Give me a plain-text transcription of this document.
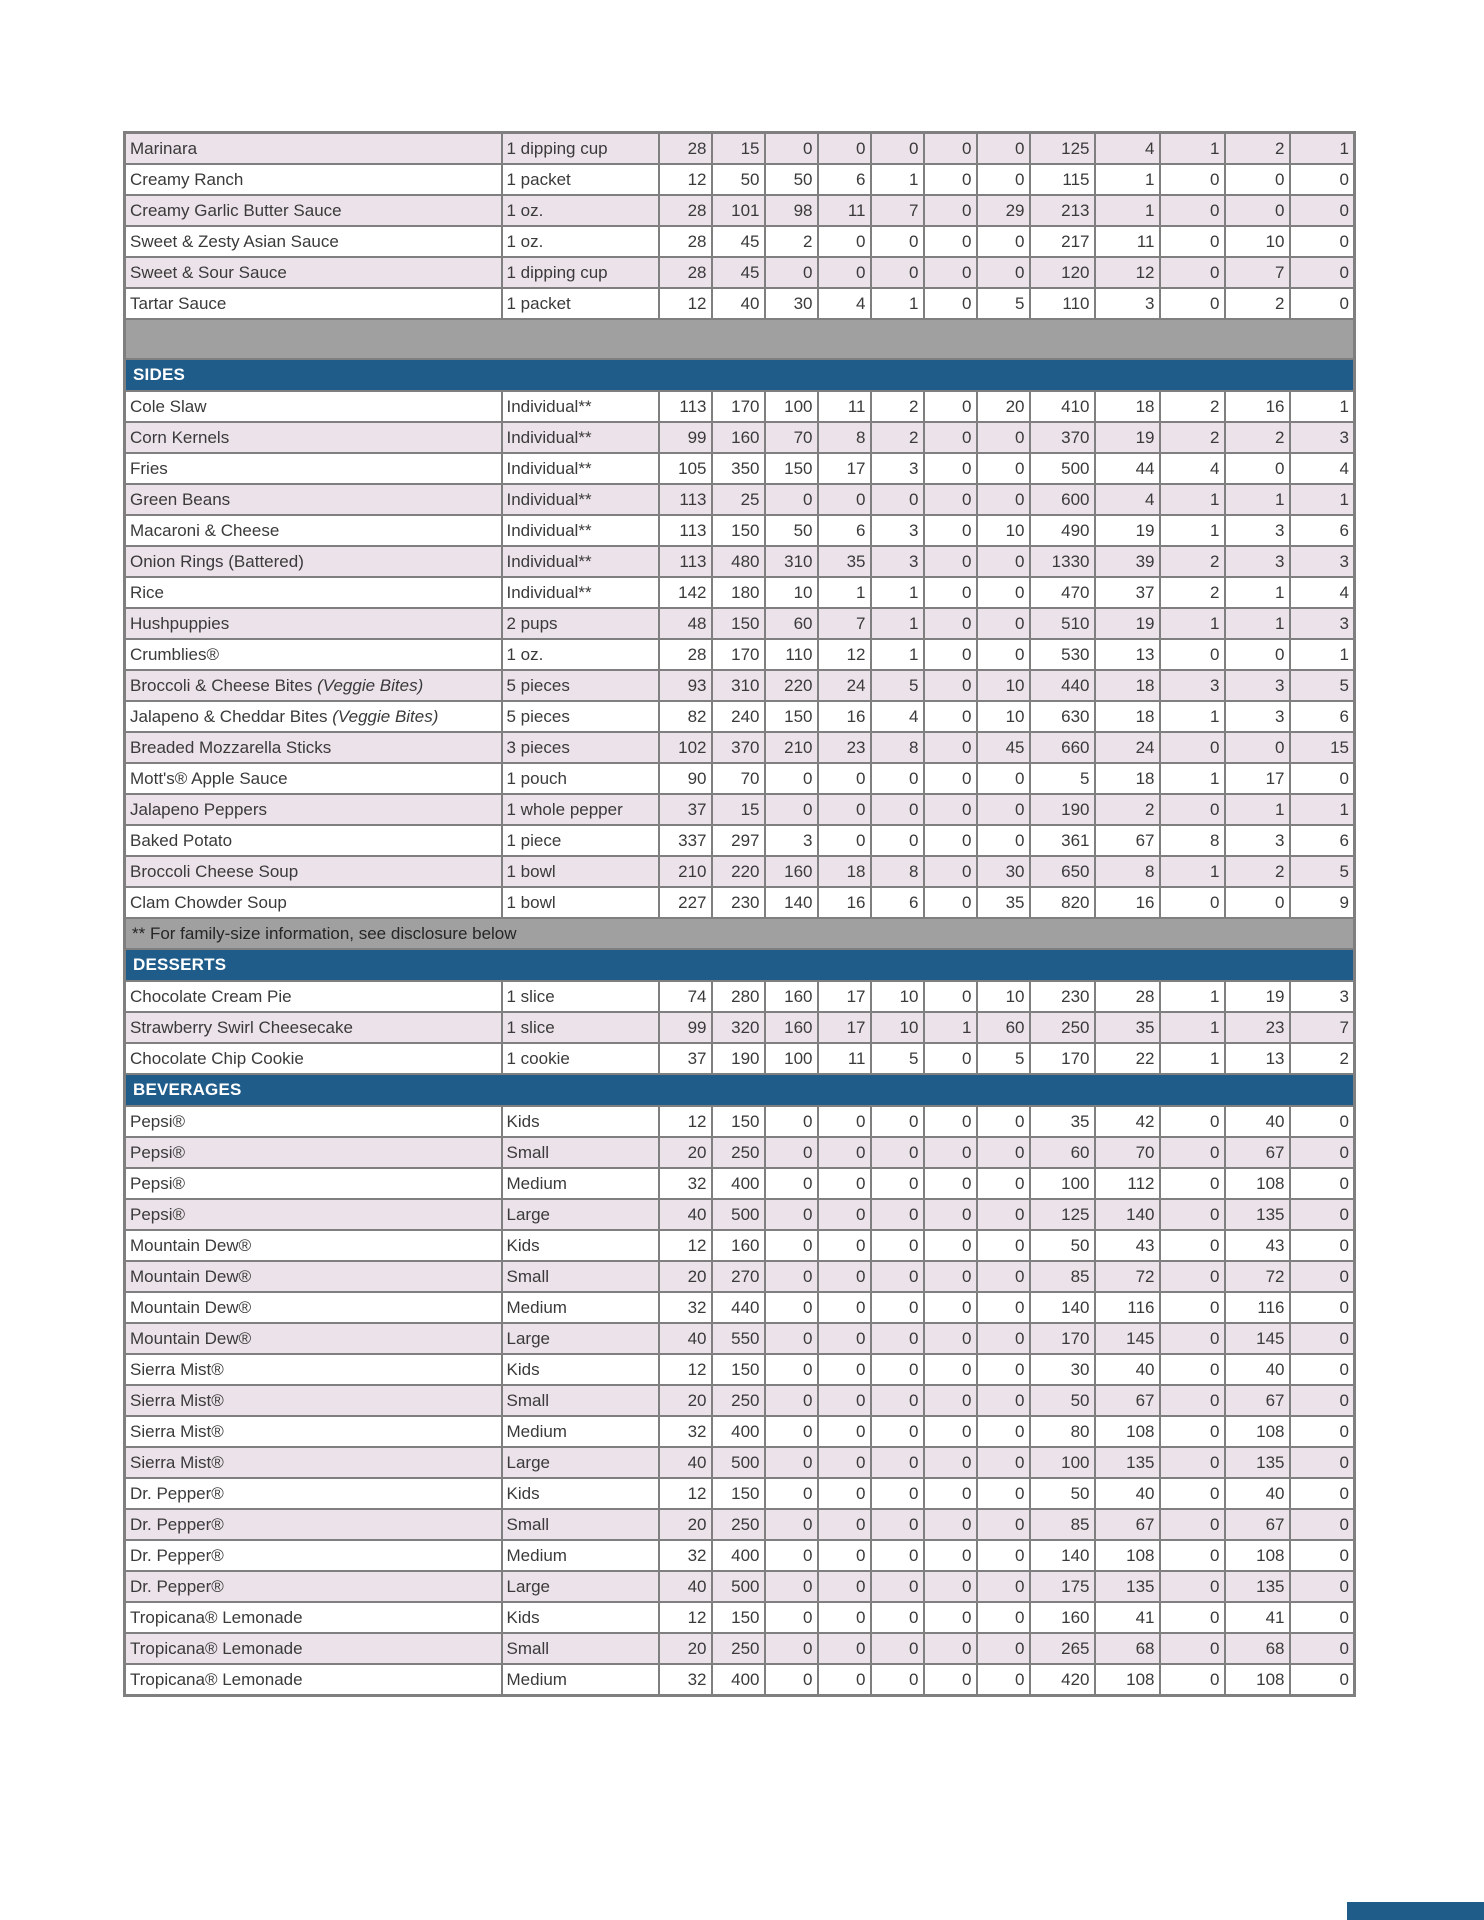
Marinara	1 dipping cup	28	15	0	0	0	0	0	125	4	1	2	1
Creamy Ranch	1 packet	12	50	50	6	1	0	0	115	1	0	0	0
Creamy Garlic Butter Sauce	1 oz.	28	101	98	11	7	0	29	213	1	0	0	0
Sweet & Zesty Asian Sauce	1 oz.	28	45	2	0	0	0	0	217	11	0	10	0
Sweet & Sour Sauce	1 dipping cup	28	45	0	0	0	0	0	120	12	0	7	0
Tartar Sauce	1 packet	12	40	30	4	1	0	5	110	3	0	2	0

SIDES													
Cole Slaw	Individual**	113	170	100	11	2	0	20	410	18	2	16	1
Corn Kernels	Individual**	99	160	70	8	2	0	0	370	19	2	2	3
Fries	Individual**	105	350	150	17	3	0	0	500	44	4	0	4
Green Beans	Individual**	113	25	0	0	0	0	0	600	4	1	1	1
Macaroni & Cheese	Individual**	113	150	50	6	3	0	10	490	19	1	3	6
Onion Rings (Battered)	Individual**	113	480	310	35	3	0	0	1330	39	2	3	3
Rice	Individual**	142	180	10	1	1	0	0	470	37	2	1	4
Hushpuppies	2 pups	48	150	60	7	1	0	0	510	19	1	1	3
Crumblies®	1 oz.	28	170	110	12	1	0	0	530	13	0	0	1
Broccoli & Cheese Bites (Veggie Bites)	5 pieces	93	310	220	24	5	0	10	440	18	3	3	5
Jalapeno & Cheddar Bites (Veggie Bites)	5 pieces	82	240	150	16	4	0	10	630	18	1	3	6
Breaded Mozzarella Sticks	3 pieces	102	370	210	23	8	0	45	660	24	0	0	15
Mott's® Apple Sauce	1 pouch	90	70	0	0	0	0	0	5	18	1	17	0
Jalapeno Peppers	1 whole pepper	37	15	0	0	0	0	0	190	2	0	1	1
Baked Potato	1 piece	337	297	3	0	0	0	0	361	67	8	3	6
Broccoli Cheese Soup	1 bowl	210	220	160	18	8	0	30	650	8	1	2	5
Clam Chowder Soup	1 bowl	227	230	140	16	6	0	35	820	16	0	0	9
** For family-size information, see disclosure below													
DESSERTS													
Chocolate Cream Pie	1 slice	74	280	160	17	10	0	10	230	28	1	19	3
Strawberry Swirl Cheesecake	1 slice	99	320	160	17	10	1	60	250	35	1	23	7
Chocolate Chip Cookie	1 cookie	37	190	100	11	5	0	5	170	22	1	13	2
BEVERAGES													
Pepsi®	Kids	12	150	0	0	0	0	0	35	42	0	40	0
Pepsi®	Small	20	250	0	0	0	0	0	60	70	0	67	0
Pepsi®	Medium	32	400	0	0	0	0	0	100	112	0	108	0
Pepsi®	Large	40	500	0	0	0	0	0	125	140	0	135	0
Mountain Dew®	Kids	12	160	0	0	0	0	0	50	43	0	43	0
Mountain Dew®	Small	20	270	0	0	0	0	0	85	72	0	72	0
Mountain Dew®	Medium	32	440	0	0	0	0	0	140	116	0	116	0
Mountain Dew®	Large	40	550	0	0	0	0	0	170	145	0	145	0
Sierra Mist®	Kids	12	150	0	0	0	0	0	30	40	0	40	0
Sierra Mist®	Small	20	250	0	0	0	0	0	50	67	0	67	0
Sierra Mist®	Medium	32	400	0	0	0	0	0	80	108	0	108	0
Sierra Mist®	Large	40	500	0	0	0	0	0	100	135	0	135	0
Dr. Pepper®	Kids	12	150	0	0	0	0	0	50	40	0	40	0
Dr. Pepper®	Small	20	250	0	0	0	0	0	85	67	0	67	0
Dr. Pepper®	Medium	32	400	0	0	0	0	0	140	108	0	108	0
Dr. Pepper®	Large	40	500	0	0	0	0	0	175	135	0	135	0
Tropicana® Lemonade	Kids	12	150	0	0	0	0	0	160	41	0	41	0
Tropicana® Lemonade	Small	20	250	0	0	0	0	0	265	68	0	68	0
Tropicana® Lemonade	Medium	32	400	0	0	0	0	0	420	108	0	108	0
